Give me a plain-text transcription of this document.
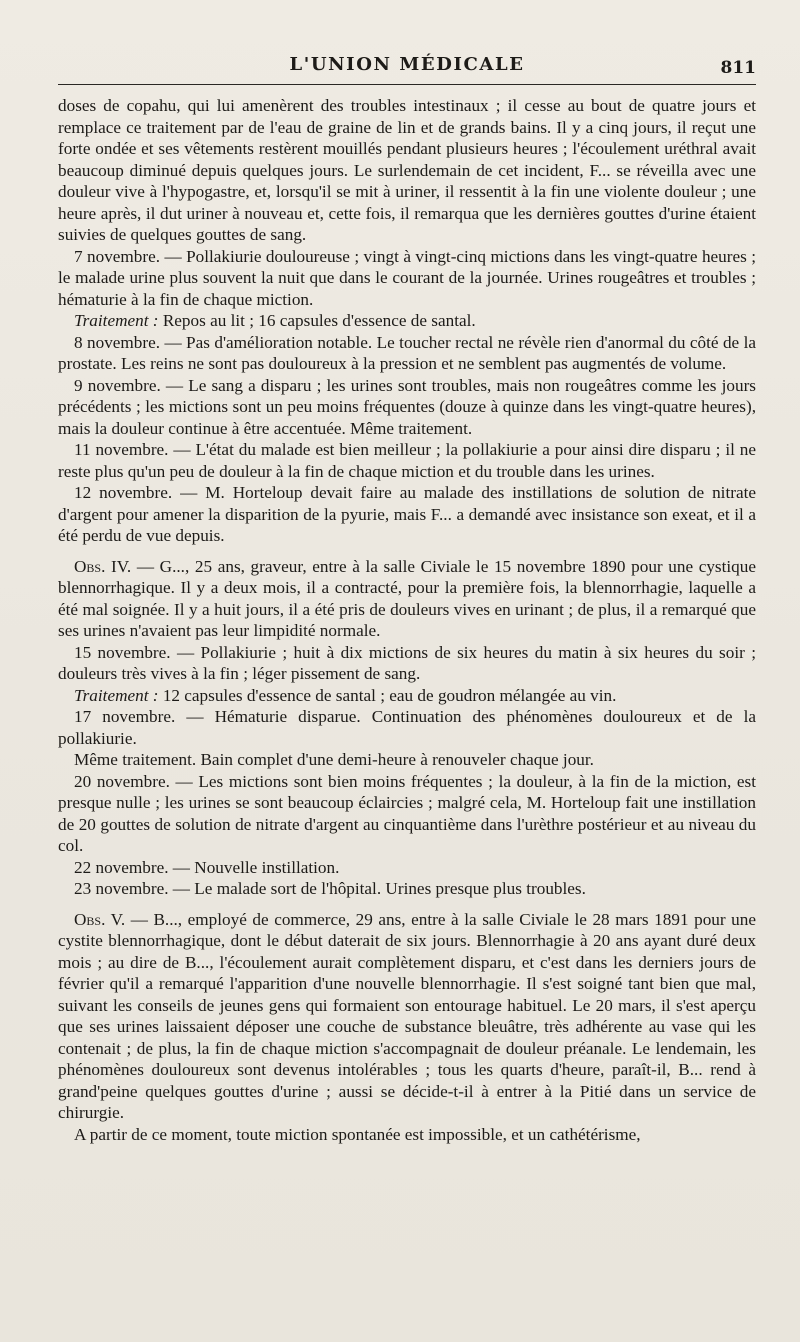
L'UNION MÉDICALE	811

doses de copahu, qui lui amenèrent des troubles intestinaux ; il cesse au bout de quatre jours et remplace ce traitement par de l'eau de graine de lin et de grands bains. Il y a cinq jours, il reçut une forte ondée et ses vêtements restèrent mouillés pendant plusieurs heures ; l'écoulement uréthral avait beaucoup diminué depuis quelques jours. Le surlendemain de cet incident, F... se réveilla avec une douleur vive à l'hypogastre, et, lorsqu'il se mit à uriner, il ressentit à la fin une violente douleur ; une heure après, il dut uriner à nouveau et, cette fois, il remarqua que les dernières gouttes d'urine étaient suivies de quelques gouttes de sang.

7 novembre. — Pollakiurie douloureuse ; vingt à vingt-cinq mictions dans les vingt-quatre heures ; le malade urine plus souvent la nuit que dans le courant de la journée. Urines rougeâtres et troubles ; hématurie à la fin de chaque miction.

Traitement : Repos au lit ; 16 capsules d'essence de santal.

8 novembre. — Pas d'amélioration notable. Le toucher rectal ne révèle rien d'anormal du côté de la prostate. Les reins ne sont pas douloureux à la pression et ne semblent pas augmentés de volume.

9 novembre. — Le sang a disparu ; les urines sont troubles, mais non rougeâtres comme les jours précédents ; les mictions sont un peu moins fréquentes (douze à quinze dans les vingt-quatre heures), mais la douleur continue à être accentuée. Même traitement.

11 novembre. — L'état du malade est bien meilleur ; la pollakiurie a pour ainsi dire disparu ; il ne reste plus qu'un peu de douleur à la fin de chaque miction et du trouble dans les urines.

12 novembre. — M. Horteloup devait faire au malade des instillations de solution de nitrate d'argent pour amener la disparition de la pyurie, mais F... a demandé avec insistance son exeat, et il a été perdu de vue depuis.

Obs. IV. — G..., 25 ans, graveur, entre à la salle Civiale le 15 novembre 1890 pour une cystique blennorrhagique. Il y a deux mois, il a contracté, pour la première fois, la blennorrhagie, laquelle a été mal soignée. Il y a huit jours, il a été pris de douleurs vives en urinant ; de plus, il a remarqué que ses urines n'avaient pas leur limpidité normale.

15 novembre. — Pollakiurie ; huit à dix mictions de six heures du matin à six heures du soir ; douleurs très vives à la fin ; léger pissement de sang.

Traitement : 12 capsules d'essence de santal ; eau de goudron mélangée au vin.

17 novembre. — Hématurie disparue. Continuation des phénomènes douloureux et de la pollakiurie.

Même traitement. Bain complet d'une demi-heure à renouveler chaque jour.

20 novembre. — Les mictions sont bien moins fréquentes ; la douleur, à la fin de la miction, est presque nulle ; les urines se sont beaucoup éclaircies ; malgré cela, M. Horteloup fait une instillation de 20 gouttes de solution de nitrate d'argent au cinquantième dans l'urèthre postérieur et au niveau du col.

22 novembre. — Nouvelle instillation.

23 novembre. — Le malade sort de l'hôpital. Urines presque plus troubles.

Obs. V. — B..., employé de commerce, 29 ans, entre à la salle Civiale le 28 mars 1891 pour une cystite blennorrhagique, dont le début daterait de six jours. Blennorrhagie à 20 ans ayant duré deux mois ; au dire de B..., l'écoulement aurait complètement disparu, et c'est dans les derniers jours de février qu'il a remarqué l'apparition d'une nouvelle blennorrhagie. Il s'est soigné tant bien que mal, suivant les conseils de jeunes gens qui formaient son entourage habituel. Le 20 mars, il s'est aperçu que ses urines laissaient déposer une couche de substance bleuâtre, très adhérente au vase qui les contenait ; de plus, la fin de chaque miction s'accompagnait de douleur préanale. Le lendemain, les phénomènes douloureux sont devenus intolérables ; tous les quarts d'heure, paraît-il, B... rend à grand'peine quelques gouttes d'urine ; aussi se décide-t-il à entrer à la Pitié dans un service de chirurgie.

A partir de ce moment, toute miction spontanée est impossible, et un cathétérisme,
